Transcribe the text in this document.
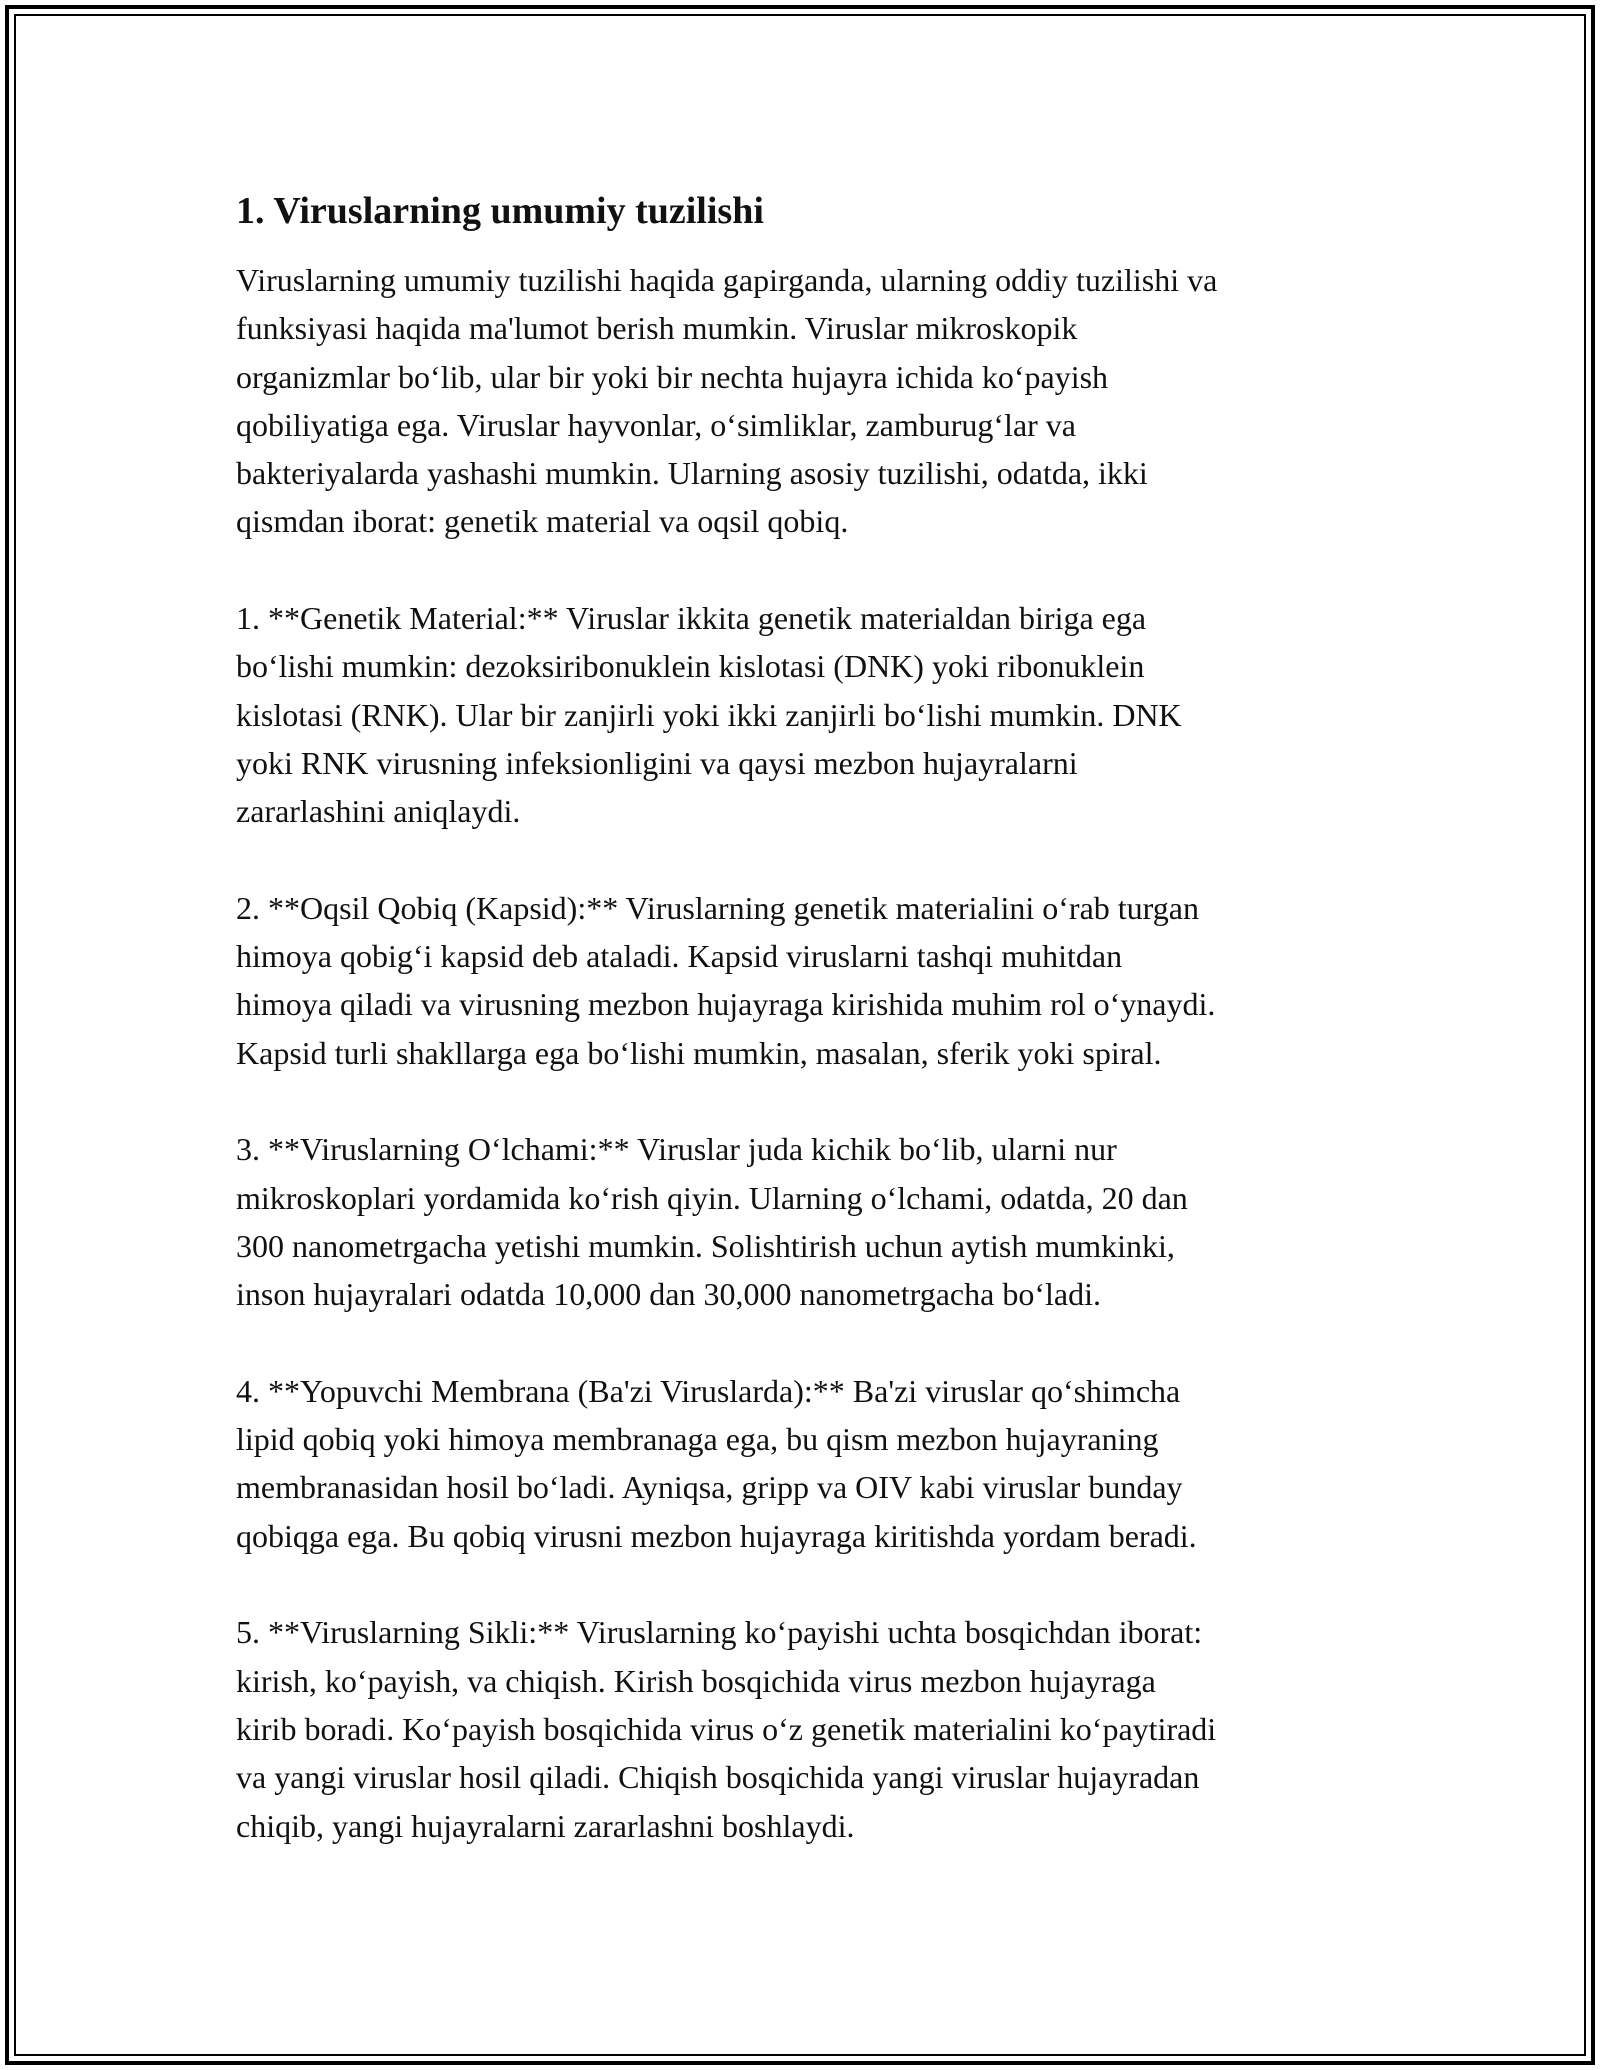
1. Viruslarning umumiy tuzilishi
Viruslarning umumiy tuzilishi haqida gapirganda, ularning oddiy tuzilishi va
funksiyasi haqida ma'lumot berish mumkin. Viruslar mikroskopik
organizmlar bo‘lib, ular bir yoki bir nechta hujayra ichida ko‘payish
qobiliyatiga ega. Viruslar hayvonlar, o‘simliklar, zamburug‘lar va
bakteriyalarda yashashi mumkin. Ularning asosiy tuzilishi, odatda, ikki
qismdan iborat: genetik material va oqsil qobiq.
1. **Genetik Material:** Viruslar ikkita genetik materialdan biriga ega
bo‘lishi mumkin: dezoksiribonuklein kislotasi (DNK) yoki ribonuklein
kislotasi (RNK). Ular bir zanjirli yoki ikki zanjirli bo‘lishi mumkin. DNK
yoki RNK virusning infeksionligini va qaysi mezbon hujayralarni
zararlashini aniqlaydi.
2. **Oqsil Qobiq (Kapsid):** Viruslarning genetik materialini o‘rab turgan
himoya qobig‘i kapsid deb ataladi. Kapsid viruslarni tashqi muhitdan
himoya qiladi va virusning mezbon hujayraga kirishida muhim rol o‘ynaydi.
Kapsid turli shakllarga ega bo‘lishi mumkin, masalan, sferik yoki spiral.
3. **Viruslarning O‘lchami:** Viruslar juda kichik bo‘lib, ularni nur
mikroskoplari yordamida ko‘rish qiyin. Ularning o‘lchami, odatda, 20 dan
300 nanometrgacha yetishi mumkin. Solishtirish uchun aytish mumkinki,
inson hujayralari odatda 10,000 dan 30,000 nanometrgacha bo‘ladi.
4. **Yopuvchi Membrana (Ba'zi Viruslarda):** Ba'zi viruslar qo‘shimcha
lipid qobiq yoki himoya membranaga ega, bu qism mezbon hujayraning
membranasidan hosil bo‘ladi. Ayniqsa, gripp va OIV kabi viruslar bunday
qobiqga ega. Bu qobiq virusni mezbon hujayraga kiritishda yordam beradi.
5. **Viruslarning Sikli:** Viruslarning ko‘payishi uchta bosqichdan iborat:
kirish, ko‘payish, va chiqish. Kirish bosqichida virus mezbon hujayraga
kirib boradi. Ko‘payish bosqichida virus o‘z genetik materialini ko‘paytiradi
va yangi viruslar hosil qiladi. Chiqish bosqichida yangi viruslar hujayradan
chiqib, yangi hujayralarni zararlashni boshlaydi.
